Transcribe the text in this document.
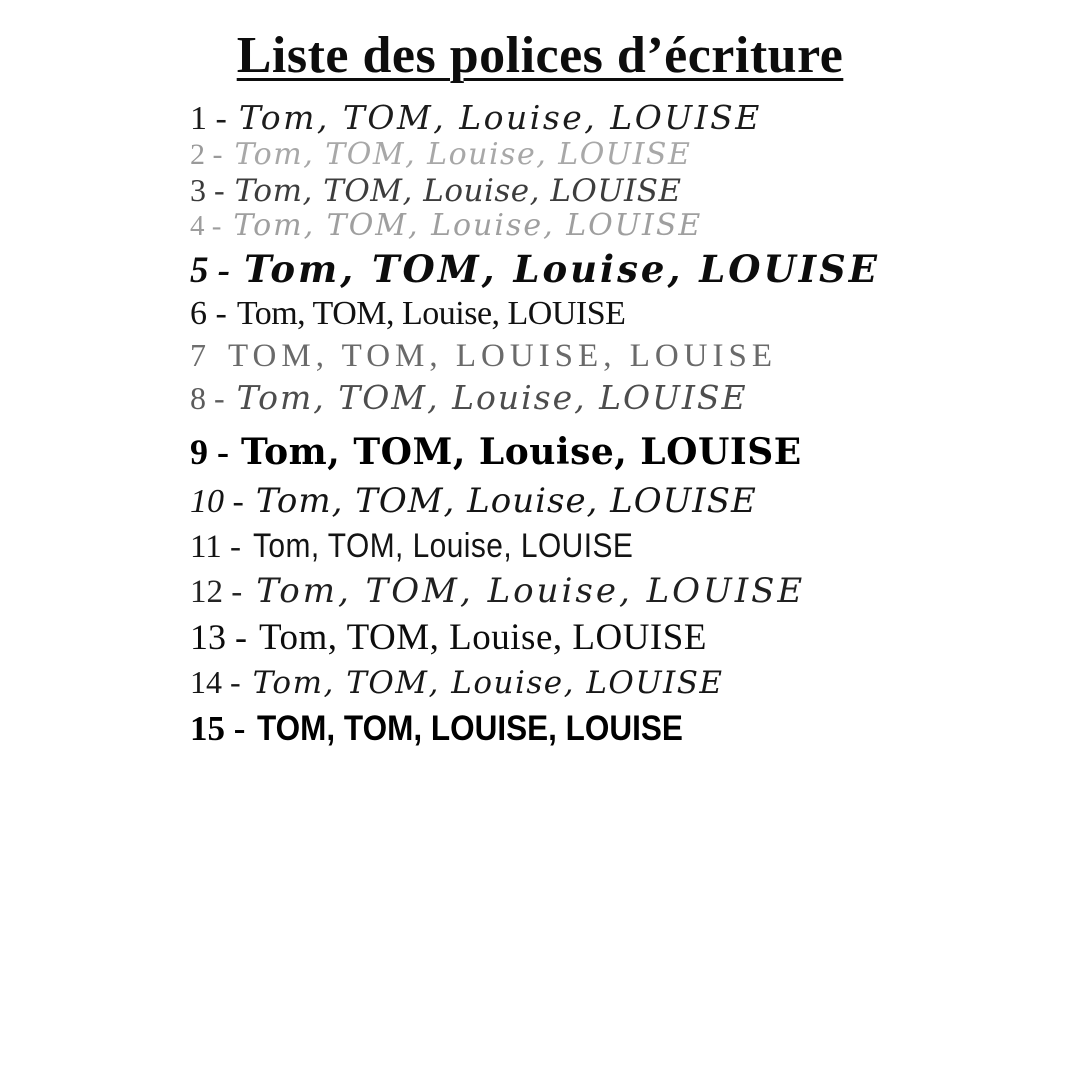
Liste des polices d’écriture
1 - Tom, TOM, Louise, LOUISE
2 - Tom, TOM, Louise, LOUISE
3 - Tom, TOM, Louise, LOUISE
4 - Tom, TOM, Louise, LOUISE
5 - Tom, TOM, Louise, LOUISE
6 - Tom, TOM, Louise, LOUISE
7 TOM, TOM, LOUISE, LOUISE
8 - Tom, TOM, Louise, LOUISE
9 - Tom, TOM, Louise, LOUISE
10 - Tom, TOM, Louise, LOUISE
11 - Tom, TOM, Louise, LOUISE
12 - Tom, TOM, Louise, LOUISE
13 - Tom, TOM, Louise, LOUISE
14 - Tom, TOM, Louise, LOUISE
15 - TOM, TOM, LOUISE, LOUISE
